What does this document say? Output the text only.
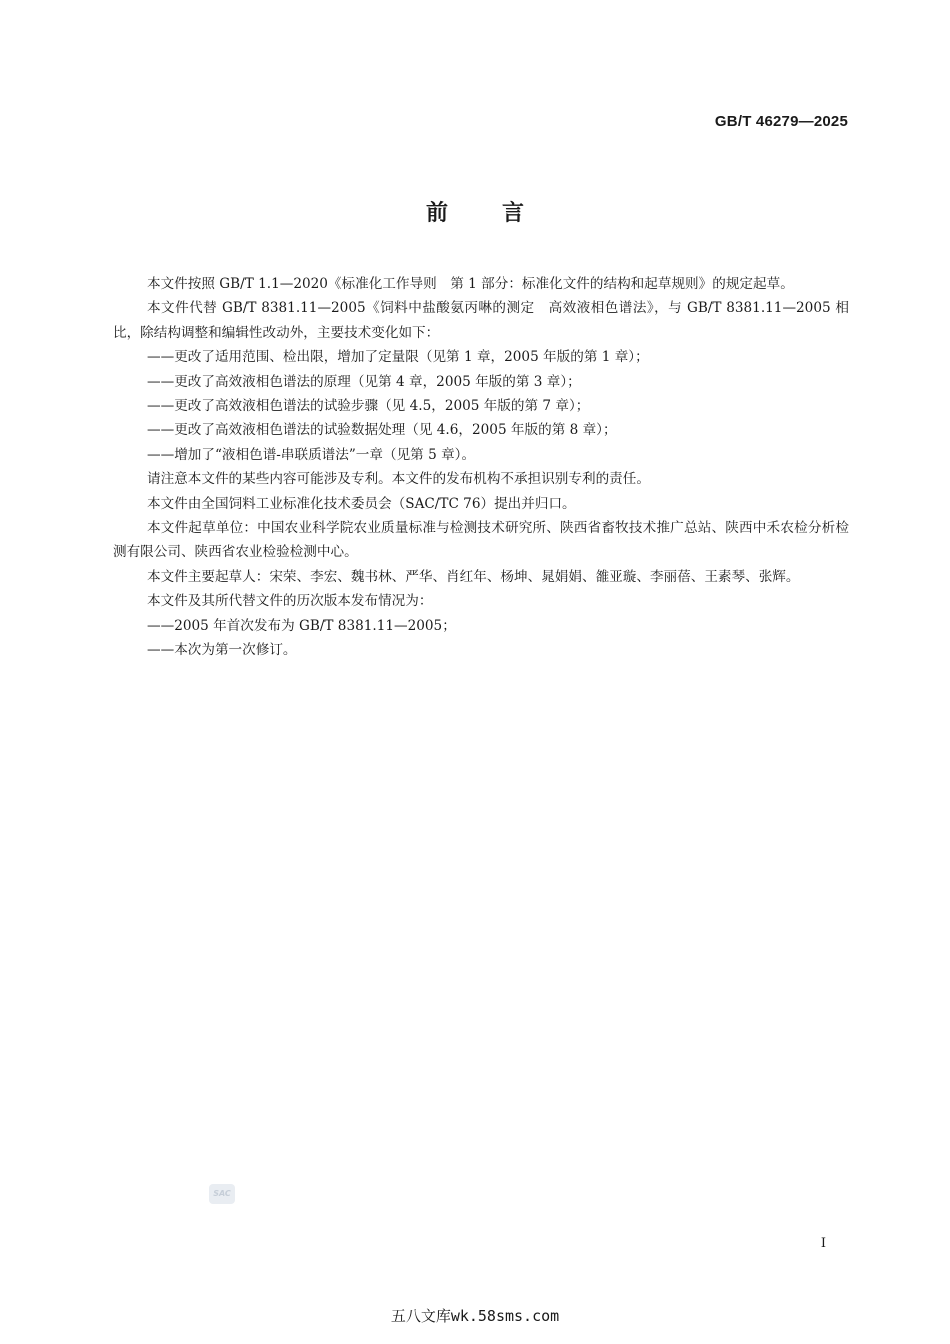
GB/T 46279—2025
前 言

本文件按照 GB/T 1.1—2020《标准化工作导则　第 1 部分：标准化文件的结构和起草规则》的规定起草。

本文件代替 GB/T 8381.11—2005《饲料中盐酸氨丙啉的测定　高效液相色谱法》，与 GB/T 8381.11—2005 相比，除结构调整和编辑性改动外，主要技术变化如下：

——更改了适用范围、检出限，增加了定量限（见第 1 章，2005 年版的第 1 章）；

——更改了高效液相色谱法的原理（见第 4 章，2005 年版的第 3 章）；

——更改了高效液相色谱法的试验步骤（见 4.5，2005 年版的第 7 章）；

——更改了高效液相色谱法的试验数据处理（见 4.6，2005 年版的第 8 章）；

——增加了“液相色谱-串联质谱法”一章（见第 5 章）。

请注意本文件的某些内容可能涉及专利。本文件的发布机构不承担识别专利的责任。

本文件由全国饲料工业标准化技术委员会（SAC/TC 76）提出并归口。

本文件起草单位：中国农业科学院农业质量标准与检测技术研究所、陕西省畜牧技术推广总站、陕西中禾农检分析检测有限公司、陕西省农业检验检测中心。

本文件主要起草人：宋荣、李宏、魏书林、严华、肖红年、杨坤、晁娟娟、雒亚璇、李丽蓓、王素琴、张辉。

本文件及其所代替文件的历次版本发布情况为：

——2005 年首次发布为 GB/T 8381.11—2005；

——本次为第一次修订。

SAC
I
五八文库wk.58sms.com
